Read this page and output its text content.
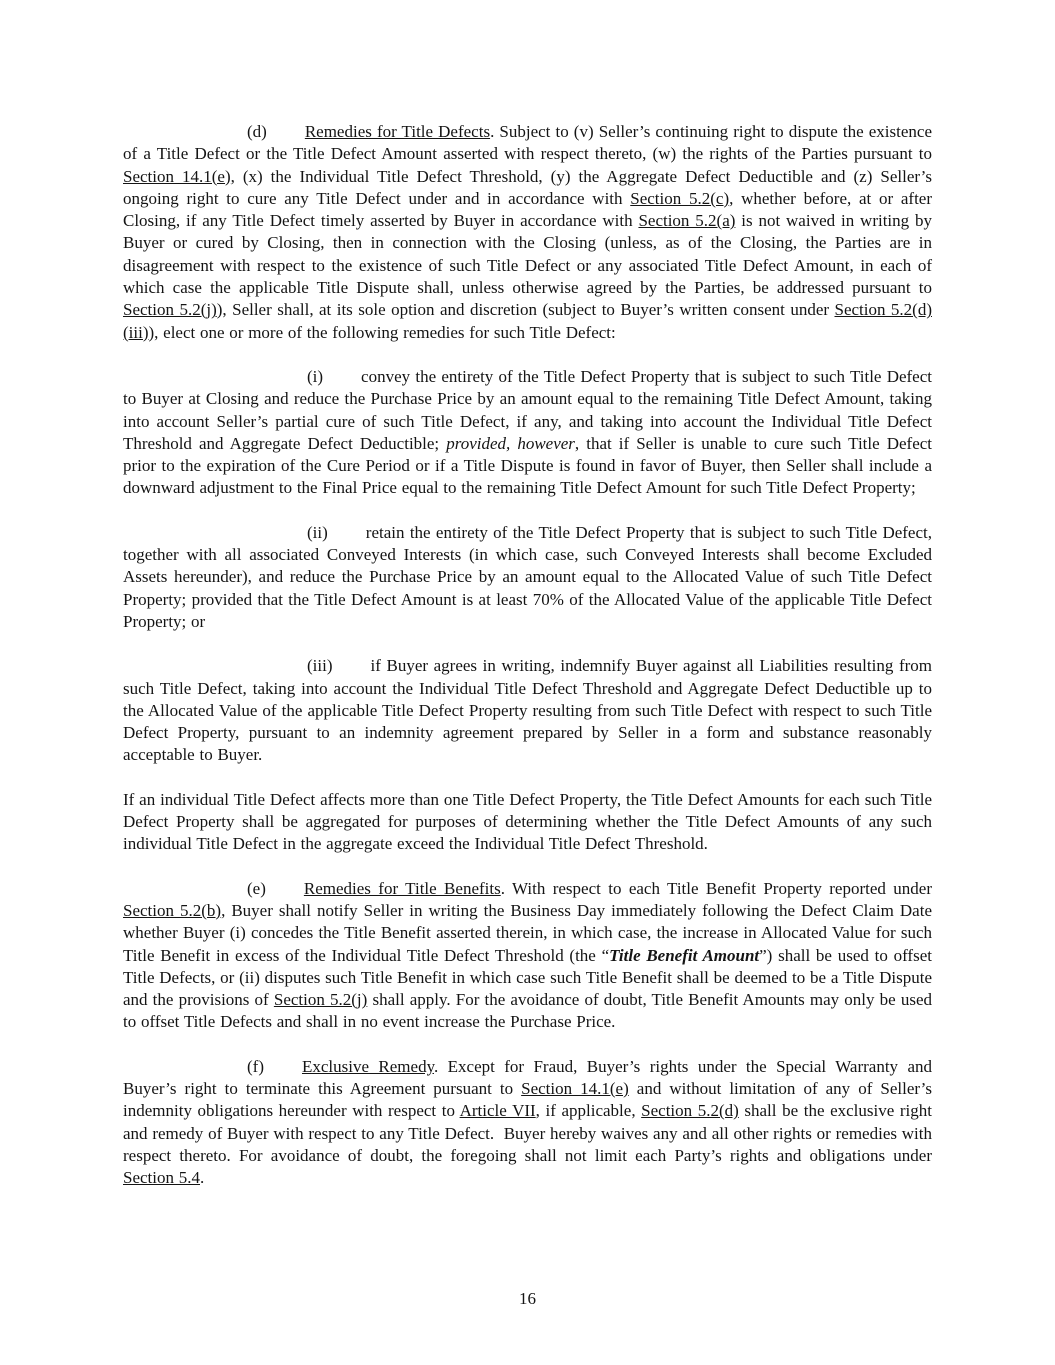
(d) Remedies for Title Defects. Subject to (v) Seller’s continuing right to dispute the existence of a Title Defect or the Title Defect Amount asserted with respect thereto, (w) the rights of the Parties pursuant to Section 14.1(e), (x) the Individual Title Defect Threshold, (y) the Aggregate Defect Deductible and (z) Seller’s ongoing right to cure any Title Defect under and in accordance with Section 5.2(c), whether before, at or after Closing, if any Title Defect timely asserted by Buyer in accordance with Section 5.2(a) is not waived in writing by Buyer or cured by Closing, then in connection with the Closing (unless, as of the Closing, the Parties are in disagreement with respect to the existence of such Title Defect or any associated Title Defect Amount, in each of which case the applicable Title Dispute shall, unless otherwise agreed by the Parties, be addressed pursuant to Section 5.2(j)), Seller shall, at its sole option and discretion (subject to Buyer’s written consent under Section 5.2(d)(iii)), elect one or more of the following remedies for such Title Defect:

(i) convey the entirety of the Title Defect Property that is subject to such Title Defect to Buyer at Closing and reduce the Purchase Price by an amount equal to the remaining Title Defect Amount, taking into account Seller’s partial cure of such Title Defect, if any, and taking into account the Individual Title Defect Threshold and Aggregate Defect Deductible; provided, however, that if Seller is unable to cure such Title Defect prior to the expiration of the Cure Period or if a Title Dispute is found in favor of Buyer, then Seller shall include a downward adjustment to the Final Price equal to the remaining Title Defect Amount for such Title Defect Property;

(ii) retain the entirety of the Title Defect Property that is subject to such Title Defect, together with all associated Conveyed Interests (in which case, such Conveyed Interests shall become Excluded Assets hereunder), and reduce the Purchase Price by an amount equal to the Allocated Value of such Title Defect Property; provided that the Title Defect Amount is at least 70% of the Allocated Value of the applicable Title Defect Property; or

(iii) if Buyer agrees in writing, indemnify Buyer against all Liabilities resulting from such Title Defect, taking into account the Individual Title Defect Threshold and Aggregate Defect Deductible up to the Allocated Value of the applicable Title Defect Property resulting from such Title Defect with respect to such Title Defect Property, pursuant to an indemnity agreement prepared by Seller in a form and substance reasonably acceptable to Buyer.

If an individual Title Defect affects more than one Title Defect Property, the Title Defect Amounts for each such Title Defect Property shall be aggregated for purposes of determining whether the Title Defect Amounts of any such individual Title Defect in the aggregate exceed the Individual Title Defect Threshold.

(e) Remedies for Title Benefits. With respect to each Title Benefit Property reported under Section 5.2(b), Buyer shall notify Seller in writing the Business Day immediately following the Defect Claim Date whether Buyer (i) concedes the Title Benefit asserted therein, in which case, the increase in Allocated Value for such Title Benefit in excess of the Individual Title Defect Threshold (the “Title Benefit Amount”) shall be used to offset Title Defects, or (ii) disputes such Title Benefit in which case such Title Benefit shall be deemed to be a Title Dispute and the provisions of Section 5.2(j) shall apply. For the avoidance of doubt, Title Benefit Amounts may only be used to offset Title Defects and shall in no event increase the Purchase Price.

(f) Exclusive Remedy. Except for Fraud, Buyer’s rights under the Special Warranty and Buyer’s right to terminate this Agreement pursuant to Section 14.1(e) and without limitation of any of Seller’s indemnity obligations hereunder with respect to Article VII, if applicable, Section 5.2(d) shall be the exclusive right and remedy of Buyer with respect to any Title Defect.  Buyer hereby waives any and all other rights or remedies with respect thereto. For avoidance of doubt, the foregoing shall not limit each Party’s rights and obligations under Section 5.4.

16
